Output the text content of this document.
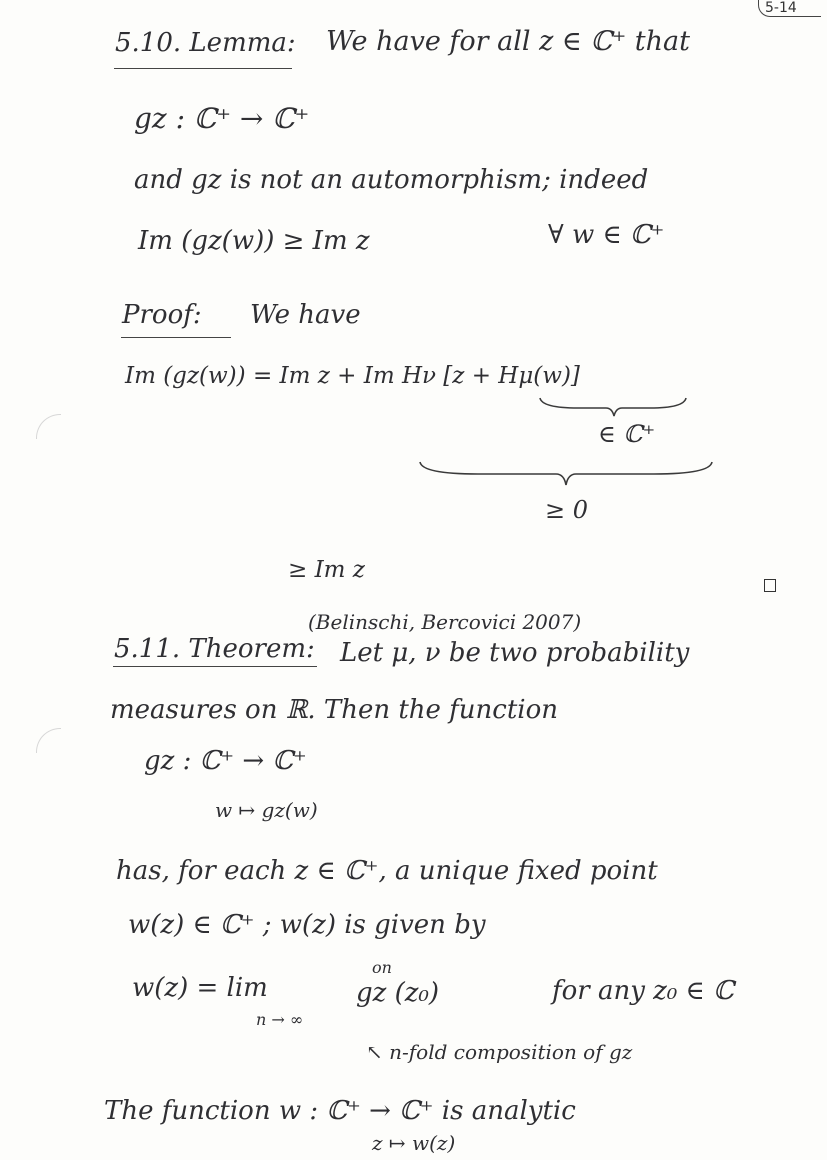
5-14
5.10. Lemma: We have for all z ∈ ℂ⁺ that
gz : ℂ⁺ → ℂ⁺
and gz is not an automorphism; indeed
Im (gz(w)) ≥ Im z	∀ w ∈ ℂ⁺
Proof: We have
Im (gz(w)) = Im z + Im Hν [z + Hμ(w)]
∈ ℂ⁺
≥ 0
≥ Im z
(Belinschi, Bercovici 2007)
5.11. Theorem: Let μ, ν be two probability
measures on ℝ. Then the function
gz : ℂ⁺ → ℂ⁺
w ↦ gz(w)
has, for each z ∈ ℂ⁺, a unique fixed point
w(z) ∈ ℂ⁺ ; w(z) is given by
w(z) = lim
n → ∞
on
gz (z₀)	for any z₀ ∈ ℂ
↖ n-fold composition of gz
The function w : ℂ⁺ → ℂ⁺ is analytic
z ↦ w(z)
